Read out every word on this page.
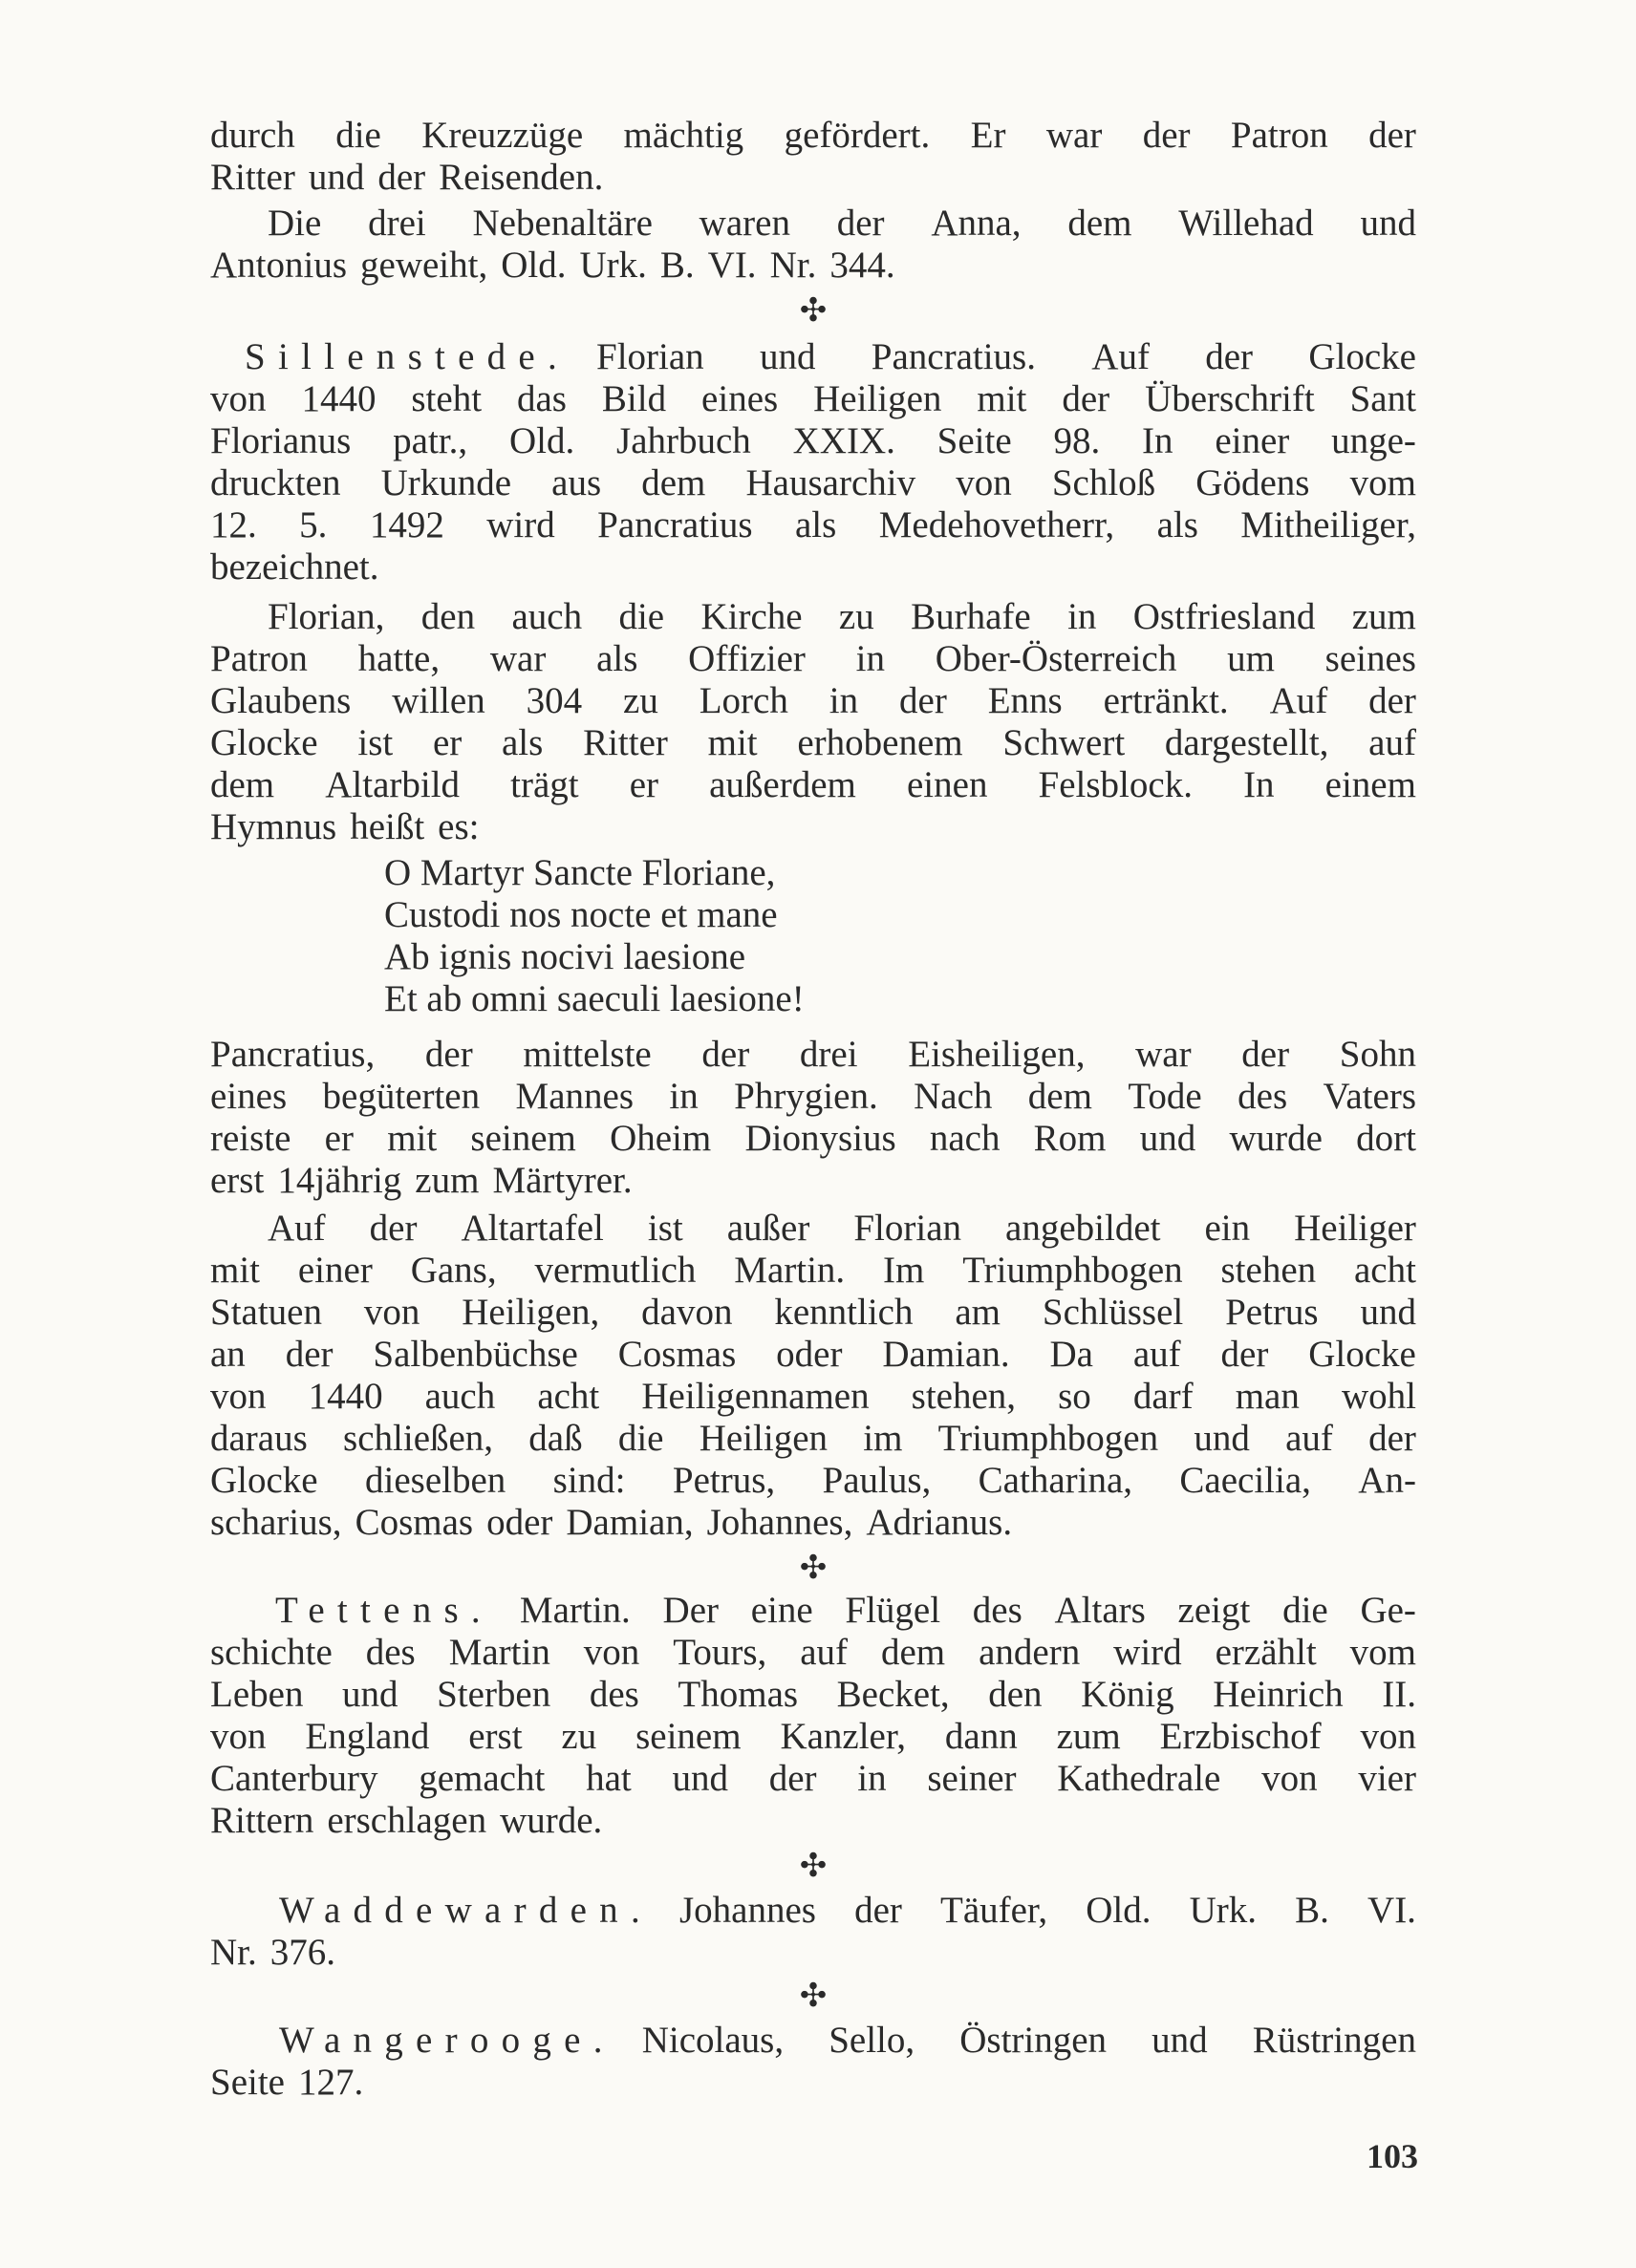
durch die Kreuzzüge mächtig gefördert. Er war der Patron der
Ritter und der Reisenden.
Die drei Nebenaltäre waren der Anna, dem Willehad und
Antonius geweiht, Old. Urk. B. VI. Nr. 344.
✣
Sillenstede. Florian und Pancratius. Auf der Glocke
von 1440 steht das Bild eines Heiligen mit der Überschrift Sant
Florianus patr., Old. Jahrbuch XXIX. Seite 98. In einer unge-
druckten Urkunde aus dem Hausarchiv von Schloß Gödens vom
12. 5. 1492 wird Pancratius als Medehovetherr, als Mitheiliger,
bezeichnet.
Florian, den auch die Kirche zu Burhafe in Ostfriesland zum
Patron hatte, war als Offizier in Ober-Österreich um seines
Glaubens willen 304 zu Lorch in der Enns ertränkt. Auf der
Glocke ist er als Ritter mit erhobenem Schwert dargestellt, auf
dem Altarbild trägt er außerdem einen Felsblock. In einem
Hymnus heißt es:
O Martyr Sancte Floriane,
Custodi nos nocte et mane
Ab ignis nocivi laesione
Et ab omni saeculi laesione!
Pancratius, der mittelste der drei Eisheiligen, war der Sohn
eines begüterten Mannes in Phrygien. Nach dem Tode des Vaters
reiste er mit seinem Oheim Dionysius nach Rom und wurde dort
erst 14jährig zum Märtyrer.
Auf der Altartafel ist außer Florian angebildet ein Heiliger
mit einer Gans, vermutlich Martin. Im Triumphbogen stehen acht
Statuen von Heiligen, davon kenntlich am Schlüssel Petrus und
an der Salbenbüchse Cosmas oder Damian. Da auf der Glocke
von 1440 auch acht Heiligennamen stehen, so darf man wohl
daraus schließen, daß die Heiligen im Triumphbogen und auf der
Glocke dieselben sind: Petrus, Paulus, Catharina, Caecilia, An-
scharius, Cosmas oder Damian, Johannes, Adrianus.
✣
Tettens. Martin. Der eine Flügel des Altars zeigt die Ge-
schichte des Martin von Tours, auf dem andern wird erzählt vom
Leben und Sterben des Thomas Becket, den König Heinrich II.
von England erst zu seinem Kanzler, dann zum Erzbischof von
Canterbury gemacht hat und der in seiner Kathedrale von vier
Rittern erschlagen wurde.
✣
Waddewarden. Johannes der Täufer, Old. Urk. B. VI.
Nr. 376.
✣
Wangerooge. Nicolaus, Sello, Östringen und Rüstringen
Seite 127.
103
